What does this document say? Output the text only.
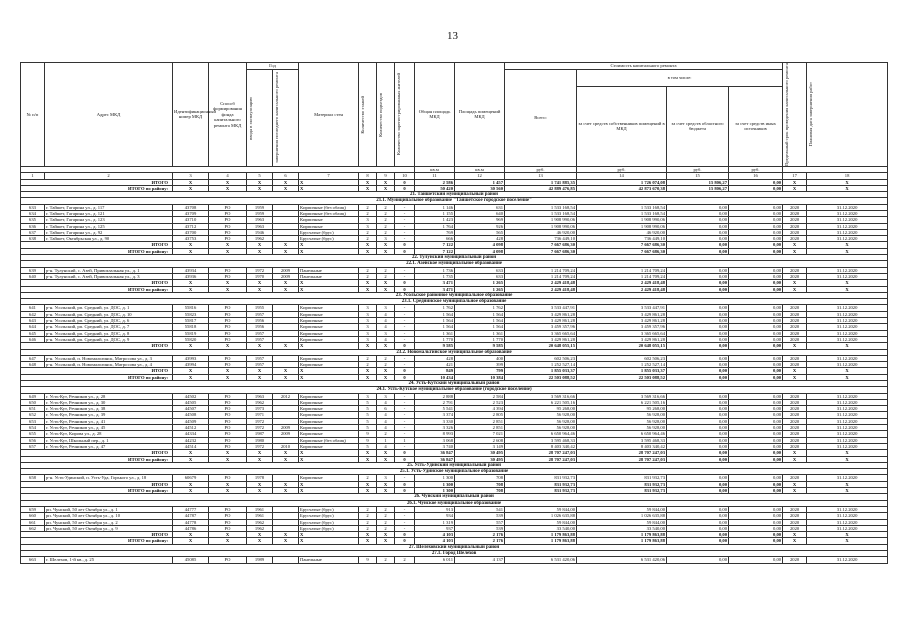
13
№ п/п	Адрес МКД	Идентификационный номер МКД	Способ формирования фонда капитального ремонта МКД	Год		Материал стен	Количество этажей	Количество подъездов	Количество зарегистрированных жителей	Общая площадь МКД	Площадь помещений МКД	Стоимость капитального ремонта				Предельный срок проведения капитального ремонта	Плановая дата завершения работ

				ввода в эксплуатацию	завершения последнего капитального ремонта							Всего:	в том числе:				
													за счет средств собственников помещений в МКД	за счет средств областного бюджета	за счет средств иных источников		
										кв.м	кв.м	руб.	руб.	руб.	руб.		
1	2	3	4	5	6	7	8	9	10	11	12	13	14	15	16	17	18
ИТОГО		X	X	X	X	X	X	X	0	2 586	1 457	1 741 885,35	1 726 074,08	15 806,27	0,00	X	X
ИТОГО по району:		X	X	X	X	X	X	X	0	50 420	30 560	42 889 476,85	42 873 670,38	15 806,27	0,00	X	X
21. Тайшетский муниципальный район																	
21.1. Муниципальное образование "Тайшетское городское поселение"																	
633	г. Тайшет, Гагарина ул., д. 117	43708	РО	1959		Кирпичные (без облиц)	2	2	-	1 146	631	1 533 168,54	1 533 168,54	0,00	0,00	2020	31.12.2020
634	г. Тайшет, Гагарина ул., д. 121	43709	РО	1959		Кирпичные (без облиц)	2	2	-	1 155	640	1 533 168,54	1 533 168,54	0,00	0,00	2020	31.12.2020
635	г. Тайшет, Гагарина ул., д. 123	43710	РО	1963		Кирпичные	3	2	-	1 423	969	1 908 990,06	1 908 990,06	0,00	0,00	2020	31.12.2020
636	г. Тайшет, Гагарина ул., д. 125	43712	РО	1963		Кирпичные	3	2	-	1 764	926	1 908 990,06	1 908 990,06	0,00	0,00	2020	31.12.2020
637	г. Тайшет, Гагарина ул., д. 92	43700	РО	1946		Брусчатые (брус)	2	2	-	769	565	46 920,00	46 920,00	0,00	0,00	2020	31.12.2020
638	г. Тайшет, Октябрьская ул., д. 90	43753	РО	1962		Брусчатые (брус)	2	3	-	666	428	736 449,10	736 449,10	0,00	0,00	2020	31.12.2020
ИТОГО		X	X	X	X	X	X	X	0	7 122	4 098	7 667 686,30	7 667 686,30	0,00	0,00	X	X
ИТОГО по району:		X	X	X	X	X	X	X	0	7 122	4 098	7 667 686,30	7 667 686,30	0,00	0,00	X	X
22. Тулунский муниципальный район																	
22.1. Азейское муниципальное образование																	
639	р-н. Тулунский, с. Азей, Привокзальная ул., д. 1	43934	РО	1972	2009	Панельные	2	2	-	1 736	633	1 214 709,24	1 214 709,24	0,00	0,00	2020	31.12.2020
640	р-н. Тулунский, с. Азей, Привокзальная ул., д. 3	43936	РО	1970	2009	Панельные	2	2	-	1 735	633	1 214 709,24	1 214 709,24	0,00	0,00	2020	31.12.2020
ИТОГО		X	X	X	X	X	X	X	0	3 471	1 265	2 429 418,48	2 429 418,48	0,00	0,00	X	X
ИТОГО по району:		X	X	X	X	X	X	X	0	3 471	1 265	2 429 418,48	2 429 418,48	0,00	0,00	X	X
23. Усольское районное муниципальное образование																	
23.1. Среднинское муниципальное образование																	
641	р-н. Усольский, рп. Средний, ул. ДОС, д. 1	55816	РО	1955		Кирпичные	3	3	-	1 762	1 762	3 533 447,91	3 533 447,91	0,00	0,00	2020	31.12.2020
642	р-н. Усольский, рп. Средний, ул. ДОС, д. 10	55823	РО	1957		Кирпичные	3	4	-	1 564	1 564	3 429 861,28	3 429 861,28	0,00	0,00	2020	31.12.2020
643	р-н. Усольский, рп. Средний, ул. ДОС, д. 6	55817	РО	1956		Кирпичные	3	4	-	1 564	1 564	3 429 861,28	3 429 861,28	0,00	0,00	2020	31.12.2020
644	р-н. Усольский, рп. Средний, ул. ДОС, д. 7	55818	РО	1956		Кирпичные	3	4	-	1 564	1 564	3 459 357,96	3 459 357,96	0,00	0,00	2020	31.12.2020
645	р-н. Усольский, рп. Средний, ул. ДОС, д. 8	55819	РО	1957		Кирпичные	3	3	-	1 361	1 361	3 365 665,64	3 365 665,64	0,00	0,00	2020	31.12.2020
646	р-н. Усольский, рп. Средний, ул. ДОС, д. 9	55820	РО	1957		Кирпичные	3	4	-	1 770	1 770	3 429 861,28	3 429 861,28	0,00	0,00	2020	31.12.2020
ИТОГО		X	X	X	X	X	X	X	0	9 585	9 585	20 648 055,15	20 648 055,15	0,00	0,00	X	X
23.2. Новомальтинское муниципальное образование																	
647	р-н. Усольский, п. Новомальтинск, Матросова ул., д. 3	43993	РО	1957		Кирпичные	2	2	-	428	400	602 506,23	602 506,23	0,00	0,00	2020	31.12.2020
648	р-н. Усольский, п. Новомальтинск, Матросова ул., д. 4	43994	РО	1957		Кирпичные	2	2	-	421	399	1 252 527,14	1 252 527,14	0,00	0,00	2020	31.12.2020
ИТОГО		X	X	X	X	X	X	X	0	849	799	1 855 033,37	1 855 033,37	0,00	0,00	X	X
ИТОГО по району:		X	X	X	X	X	X	X	0	10 434	10 384	22 503 088,52	22 503 088,52	0,00	0,00	X	X
24. Усть-Кутский муниципальный район																	
24.1. Усть-Кутское муниципальное образование (городское поселение)																	
649	г. Усть-Кут, Речников ул., д. 28	44502	РО	1963	2012	Кирпичные	3	3	-	2 888	2 584	3 569 316,66	3 569 316,66	0,00	0,00	2020	31.12.2020
650	г. Усть-Кут, Речников ул., д. 30	44505	РО	1962		Кирпичные	5	4	-	2 791	2 523	6 221 505,16	6 221 505,16	0,00	0,00	2020	31.12.2020
651	г. Усть-Кут, Речников ул., д. 38	44507	РО	1973		Кирпичные	5	6	-	5 541	4 394	95 268,00	95 268,00	0,00	0,00	2020	31.12.2020
652	г. Усть-Кут, Речников ул., д. 39	44508	РО	1971		Кирпичные	5	4	-	3 374	2 805	56 928,00	56 928,00	0,00	0,00	2020	31.12.2020
653	г. Усть-Кут, Речников ул., д. 41	44509	РО	1972		Кирпичные	5	4	-	3 330	2 851	56 928,00	56 928,00	0,00	0,00	2020	31.12.2020
654	г. Усть-Кут, Речников ул., д. 45	44512	РО	1972	2009	Кирпичные	5	4	-	3 326	2 851	56 928,00	56 928,00	0,00	0,00	2020	31.12.2020
655	г. Усть-Кут, Кирова ул., д. 28	44334	РО	1987	2009	Кирпичные	9	2	-	8 993	7 021	6 650 964,46	6 650 964,46	0,00	0,00	2020	31.12.2020
656	г. Усть-Кут, Школьный пер., д. 1	44232	РО	1980		Кирпичные (без облиц)	9	1	1	3 068	2 608	3 595 468,33	3 595 468,33	0,00	0,00	2020	31.12.2020
657	г. Усть-Кут, Речников ул., д. 47	44514	РО	1972	2010	Кирпичные	5	4	-	3 740	3 149	8 403 340,42	8 403 340,42	0,00	0,00	2020	31.12.2020
ИТОГО		X	X	X	X	X	X	X	0	36 847	30 495	28 707 247,03	28 707 247,03	0,00	0,00	X	X
ИТОГО по району:		X	X	X	X	X	X	X	0	36 847	30 495	28 707 247,03	28 707 247,03	0,00	0,00	X	X
25. Усть-Удинский муниципальный район																	
25.1. Усть-Удинское муниципальное образование																	
658	р-н. Усть-Удинский, п. Усть-Уда, Горького ул., д. 18	60679	РО	1978		Кирпичные	2	3	-	1 300	708	831 932,73	831 932,73	0,00	0,00	2020	31.12.2020
ИТОГО		X	X	X	X	X	X	X	0	1 300	708	831 932,73	831 932,73	0,00	0,00	X	X
ИТОГО по району:		X	X	X	X	X	X	X	0	1 300	708	831 932,73	831 932,73	0,00	0,00	X	X
26. Чунский муниципальный район																	
26.1. Чунское муниципальное образование																	
659	рп. Чунский, 50 лет Октября ул., д. 1	44777	РО	1961		Брусчатые (брус)	2	2	-	913	541	59 844,00	59 844,00	0,00	0,00	2020	31.12.2020
660	рп. Чунский, 50 лет Октября ул., д. 10	44787	РО	1961		Брусчатые (брус)	2	2	-	934	539	1 026 635,88	1 026 635,88	0,00	0,00	2020	31.12.2020
661	рп. Чунский, 50 лет Октября ул., д. 2	44778	РО	1962		Брусчатые (брус)	2	2	-	1 319	557	59 844,00	59 844,00	0,00	0,00	2020	31.12.2020
662	рп. Чунский, 50 лет Октября ул., д. 9	44786	РО	1962		Брусчатые (брус)	2	2	-	937	539	33 540,00	33 540,00	0,00	0,00	2020	31.12.2020
ИТОГО		X	X	X	X	X	X	X	0	4 103	2 176	1 179 863,88	1 179 863,88	0,00	0,00	X	X
ИТОГО по району:		X	X	X	X	X	X	X	0	4 103	2 176	1 179 863,88	1 179 863,88	0,00	0,00	X	X
27. Шелеховский муниципальный район																	
27.1. Город Шелехов																	
663	г. Шелехов, 1-й кв., д. 25	45085	РО	1989		Панельные	9	2	2	6 011	4 137	6 531 420,06	6 531 420,06	0,00	0,00	2020	31.12.2020
